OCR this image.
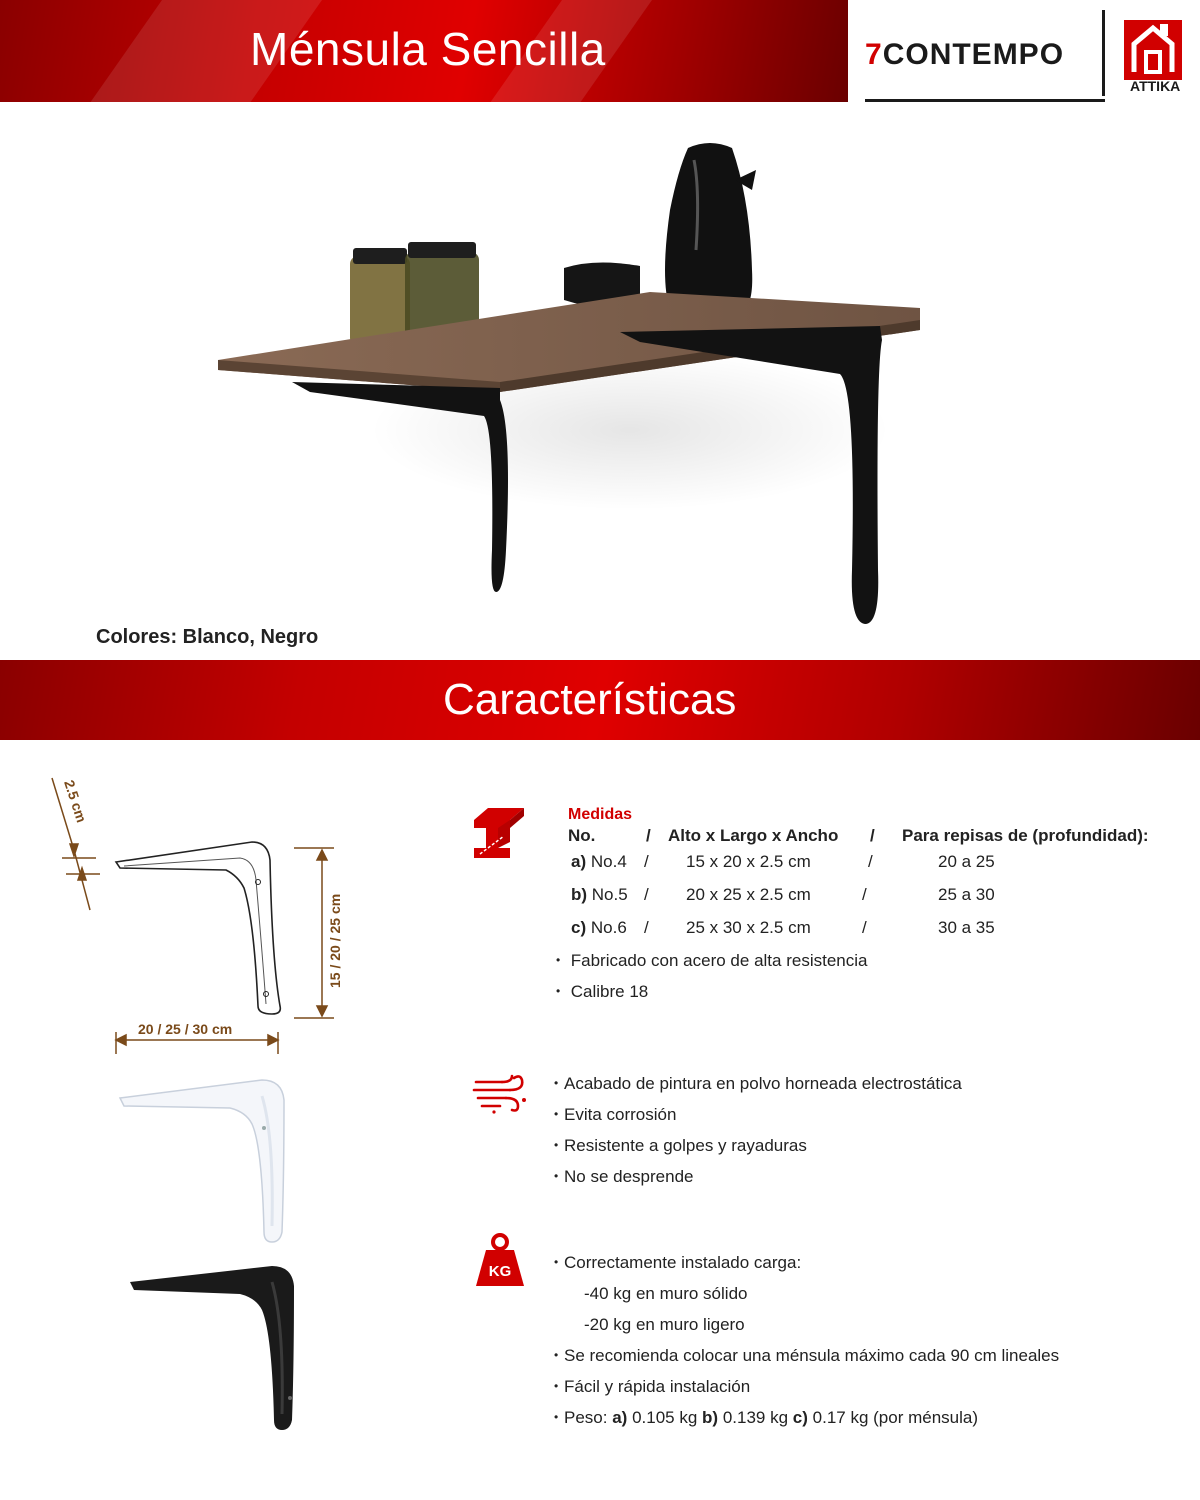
Ménsula Sencilla	7CONTEMPO
ATTIKA
Colores: Blanco, Negro
Características
2.5 cm
15 / 20 / 25 cm
20 / 25 / 30 cm
Medidas
No.	/ Alto x Largo x Ancho / Para repisas de (profundidad):
a) No.4 / 15 x 20 x 2.5 cm	/	20 a 25
b) No.5 / 20 x 25 x 2.5 cm	/	25 a 30
c) No.6 / 25 x 30 x 2.5 cm	/	30 a 35
• Fabricado con acero de alta resistencia
• Calibre 18
• Acabado de pintura en polvo horneada electrostática
• Evita corrosión
• Resistente a golpes y rayaduras
• No se desprende
KG
• Correctamente instalado carga:
-40 kg en muro sólido
-20 kg en muro ligero
• Se recomienda colocar una ménsula máximo cada 90 cm lineales
• Fácil y rápida instalación
• Peso: a) 0.105 kg b) 0.139 kg c) 0.17 kg (por ménsula)
